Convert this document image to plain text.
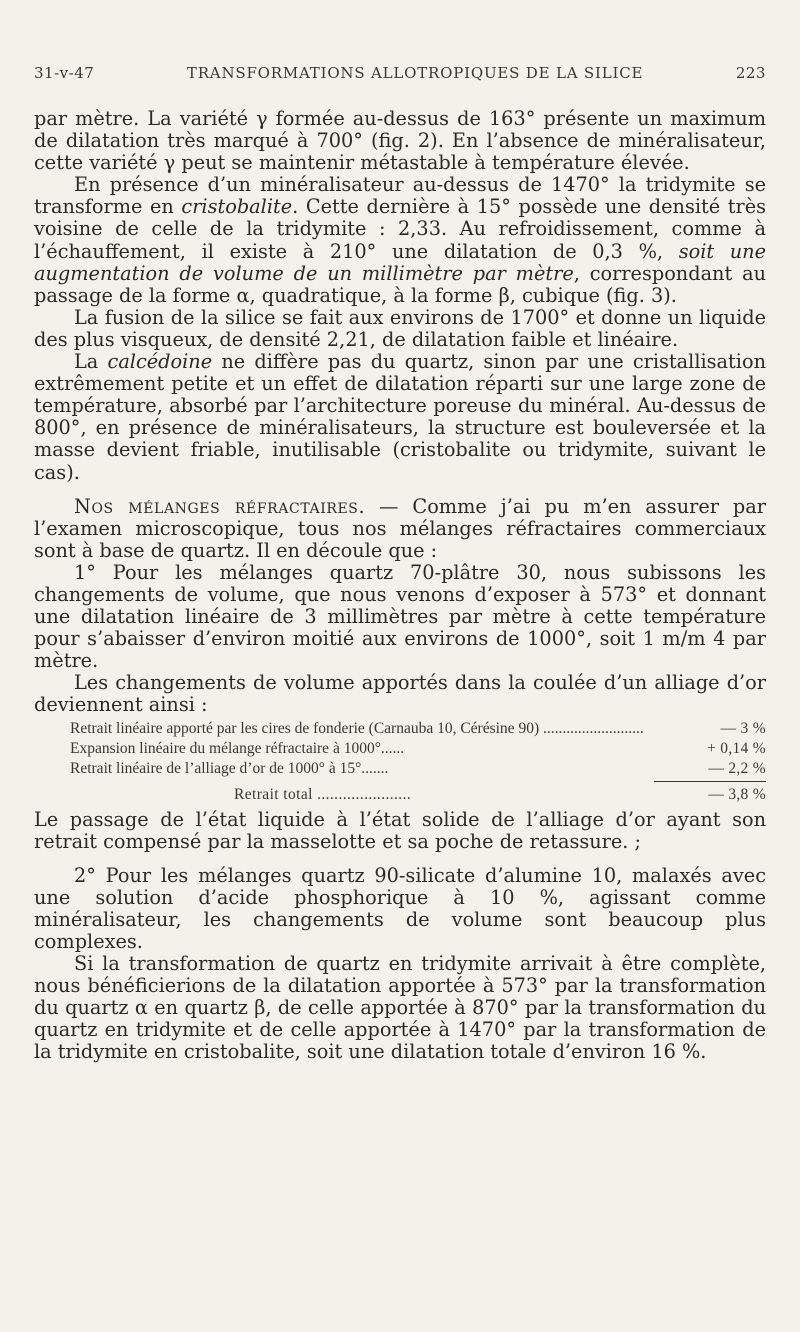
31-v-47	TRANSFORMATIONS ALLOTROPIQUES DE LA SILICE	223

par mètre. La variété γ formée au-dessus de 163° présente un maximum de dilatation très marqué à 700° (fig. 2). En l’absence de minéralisateur, cette variété γ peut se maintenir métastable à température élevée.

En présence d’un minéralisateur au-dessus de 1470° la tridymite se transforme en cristobalite. Cette dernière à 15° possède une densité très voisine de celle de la tridymite : 2,33. Au refroidissement, comme à l’échauffement, il existe à 210° une dilatation de 0,3 %, soit une augmentation de volume de un millimètre par mètre, correspondant au passage de la forme α, quadratique, à la forme β, cubique (fig. 3).

La fusion de la silice se fait aux environs de 1700° et donne un liquide des plus visqueux, de densité 2,21, de dilatation faible et linéaire.

La calcédoine ne diffère pas du quartz, sinon par une cristallisation extrêmement petite et un effet de dilatation réparti sur une large zone de température, absorbé par l’architecture poreuse du minéral. Au-dessus de 800°, en présence de minéralisateurs, la structure est bouleversée et la masse devient friable, inutilisable (cristobalite ou tridymite, suivant le cas).

Nos mélanges réfractaires. — Comme j’ai pu m’en assurer par l’examen microscopique, tous nos mélanges réfractaires commerciaux sont à base de quartz. Il en découle que :

1° Pour les mélanges quartz 70-plâtre 30, nous subissons les changements de volume, que nous venons d’exposer à 573° et donnant une dilatation linéaire de 3 millimètres par mètre à cette température pour s’abaisser d’environ moitié aux environs de 1000°, soit 1 m/m 4 par mètre.

Les changements de volume apportés dans la coulée d’un alliage d’or deviennent ainsi :

Retrait linéaire apporté par les cires de fonderie (Carnauba 10, Cérésine 90) ..........................	— 3 %
Expansion linéaire du mélange réfractaire à 1000°......	+ 0,14 %
Retrait linéaire de l’alliage d’or de 1000° à 15°.......	— 2,2 %
Retrait total ......................	— 3,8 %

Le passage de l’état liquide à l’état solide de l’alliage d’or ayant son retrait compensé par la masselotte et sa poche de retassure. ;

2° Pour les mélanges quartz 90-silicate d’alumine 10, malaxés avec une solution d’acide phosphorique à 10 %, agissant comme minéralisateur, les changements de volume sont beaucoup plus complexes.

Si la transformation de quartz en tridymite arrivait à être complète, nous bénéficierions de la dilatation apportée à 573° par la transformation du quartz α en quartz β, de celle apportée à 870° par la transformation du quartz en tridymite et de celle apportée à 1470° par la transformation de la tridymite en cristobalite, soit une dilatation totale d’environ 16 %.
